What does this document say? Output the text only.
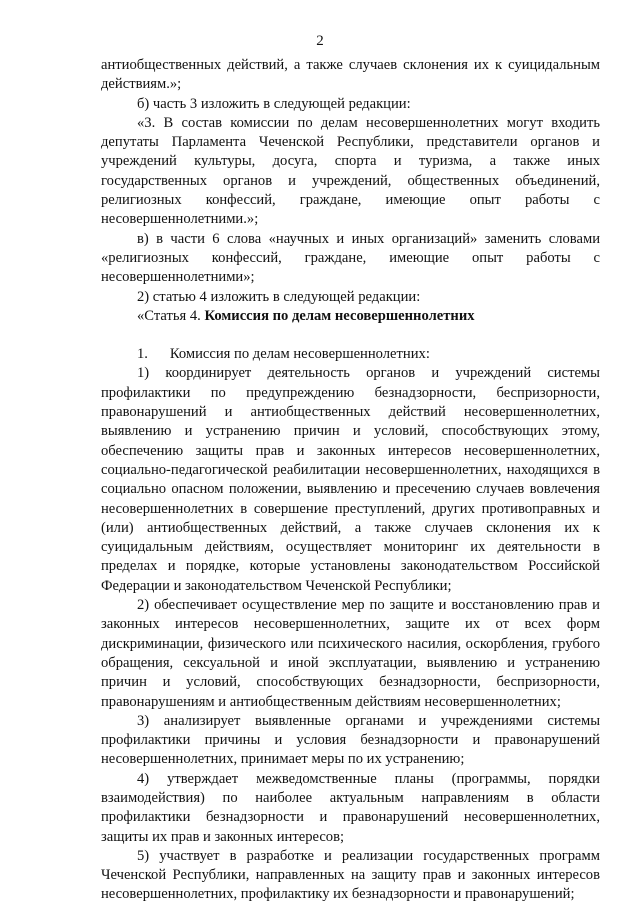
2

антиобщественных действий, а также случаев склонения их к суицидальным действиям.»;

б) часть 3 изложить в следующей редакции:

«3. В состав комиссии по делам несовершеннолетних могут входить депутаты Парламента Чеченской Республики, представители органов и учреждений культуры, досуга, спорта и туризма, а также иных государственных органов и учреждений, общественных объединений, религиозных конфессий, граждане, имеющие опыт работы с несовершеннолетними.»;

в) в части 6 слова «научных и иных организаций» заменить словами «религиозных конфессий, граждане, имеющие опыт работы с несовершеннолетними»;

2) статью 4 изложить в следующей редакции:

«Статья 4. Комиссия по делам несовершеннолетних

1.      Комиссия по делам несовершеннолетних:

1) координирует деятельность органов и учреждений системы профилактики по предупреждению безнадзорности, беспризорности, правонарушений и антиобщественных действий несовершеннолетних, выявлению и устранению причин и условий, способствующих этому, обеспечению защиты прав и законных интересов несовершеннолетних, социально-педагогической реабилитации несовершеннолетних, находящихся в социально опасном положении, выявлению и пресечению случаев вовлечения несовершеннолетних в совершение преступлений, других противоправных и (или) антиобщественных действий, а также случаев склонения их к суицидальным действиям, осуществляет мониторинг их деятельности в пределах и порядке, которые установлены законодательством Российской Федерации и законодательством Чеченской Республики;

2) обеспечивает осуществление мер по защите и восстановлению прав и законных интересов несовершеннолетних, защите их от всех форм дискриминации, физического или психического насилия, оскорбления, грубого обращения, сексуальной и иной эксплуатации, выявлению и устранению причин и условий, способствующих безнадзорности, беспризорности, правонарушениям и антиобщественным действиям несовершеннолетних;

3) анализирует выявленные органами и учреждениями системы профилактики причины и условия безнадзорности и правонарушений несовершеннолетних, принимает меры по их устранению;

4) утверждает межведомственные планы (программы, порядки взаимодействия) по наиболее актуальным направлениям в области профилактики безнадзорности и правонарушений несовершеннолетних, защиты их прав и законных интересов;

5) участвует в разработке и реализации государственных программ Чеченской Республики, направленных на защиту прав и законных интересов несовершеннолетних, профилактику их безнадзорности и правонарушений;
